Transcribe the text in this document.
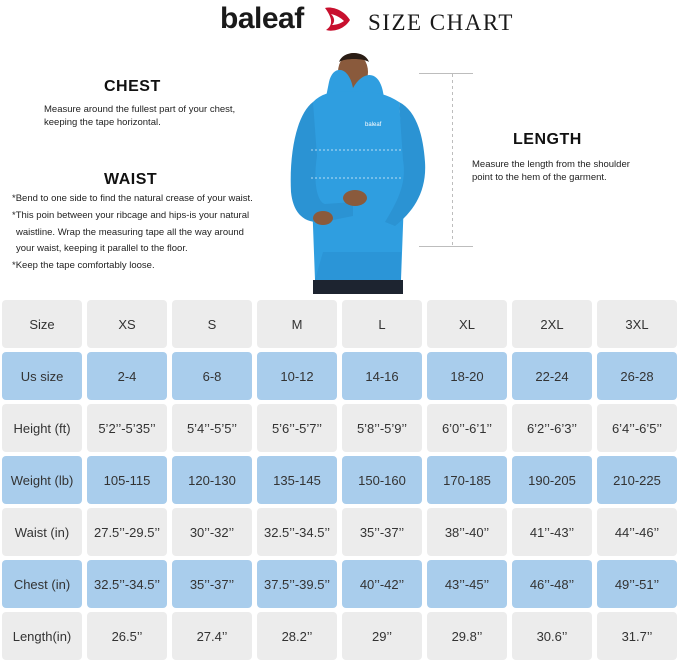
baleaf	SIZE CHART
CHEST
Measure around the fullest part of your chest,
keeping the tape horizontal.
WAIST
*Bend to one side to find the natural crease of your waist.
*This poin between your ribcage and hips-is your natural
waistline. Wrap the measuring tape all the way around
your waist, keeping it parallel to the floor.
*Keep the tape comfortably loose.
LENGTH
Measure the length from the shoulder
point to the hem of the garment.
baleaf
Size	XS	S	M	L	XL	2XL	3XL
Us size	2-4	6-8	10-12	14-16	18-20	22-24	26-28
Height (ft)	5’2’’-5’35’’	5’4’’-5’5’’	5’6’’-5’7’’	5’8’’-5’9’’	6’0’’-6’1’’	6’2’’-6’3’’	6’4’’-6’5’’
Weight (lb)	105-115	120-130	135-145	150-160	170-185	190-205	210-225
Waist (in)	27.5’’-29.5’’	30’’-32’’	32.5’’-34.5’’	35’’-37’’	38’’-40’’	41’’-43’’	44’’-46’’
Chest (in)	32.5’’-34.5’’	35’’-37’’	37.5’’-39.5’’	40’’-42’’	43’’-45’’	46’’-48’’	49’’-51’’
Length(in)	26.5’’	27.4’’	28.2’’	29’’	29.8’’	30.6’’	31.7’’
